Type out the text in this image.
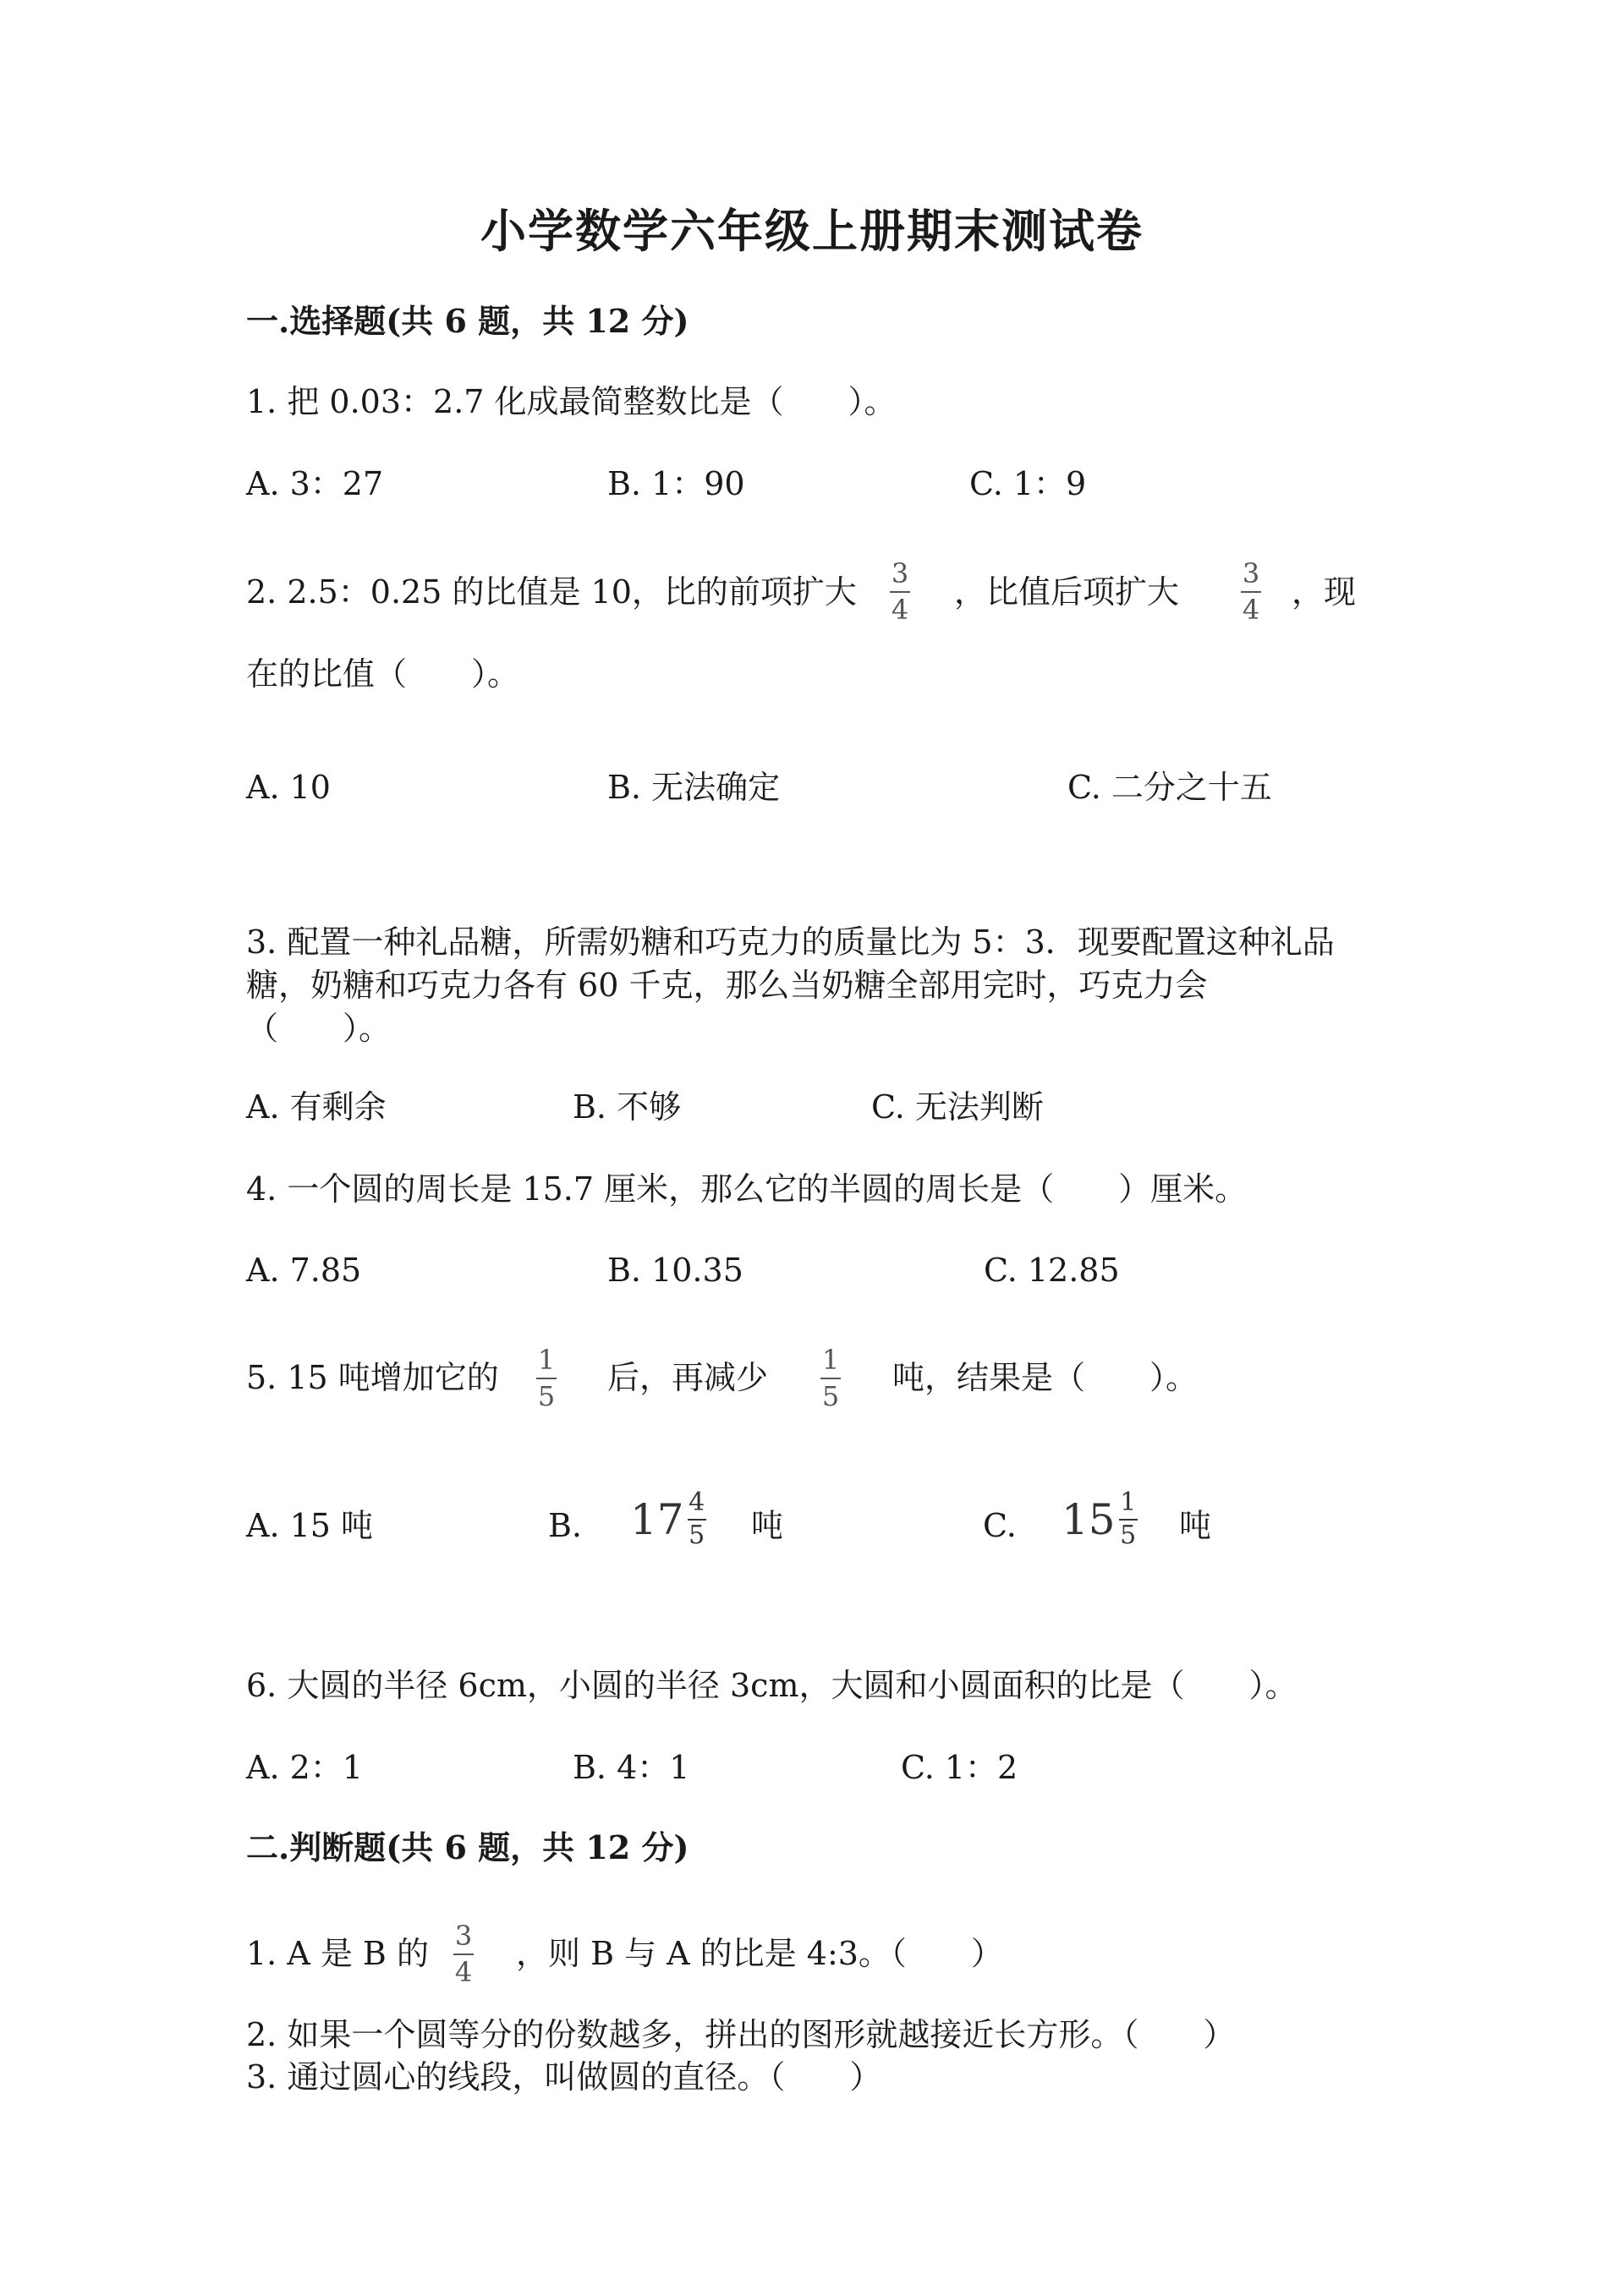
小学数学六年级上册期末测试卷
一.选择题(共 6 题，共 12 分)
1. 把 0.03：2.7 化成最简整数比是（　　）。
A. 3：27	B. 1：90	C. 1：9
2. 2.5：0.25 的比值是 10，比的前项扩大 3
4 ，比值后项扩大 3
4 ，现
在的比值（　　）。
A. 10	B. 无法确定	C. 二分之十五
3. 配置一种礼品糖，所需奶糖和巧克力的质量比为 5：3．现要配置这种礼品
糖，奶糖和巧克力各有 60 千克，那么当奶糖全部用完时，巧克力会
（　　）。
A. 有剩余	B. 不够	C. 无法判断
4. 一个圆的周长是 15.7 厘米，那么它的半圆的周长是（　　）厘米。
A. 7.85	B. 10.35	C. 12.85
5. 15 吨增加它的 1
5 后，再减少 1
5 吨，结果是（　　）。
A. 15 吨	B. 17 4
5 吨	C. 15 1
5 吨
6. 大圆的半径 6cm，小圆的半径 3cm，大圆和小圆面积的比是（　　）。
A. 2：1	B. 4：1	C. 1：2
二.判断题(共 6 题，共 12 分)
1. A 是 B 的 3
4 ，则 B 与 A 的比是 4:3。（　　）
2. 如果一个圆等分的份数越多，拼出的图形就越接近长方形。（　　）
3. 通过圆心的线段，叫做圆的直径。（　　）
